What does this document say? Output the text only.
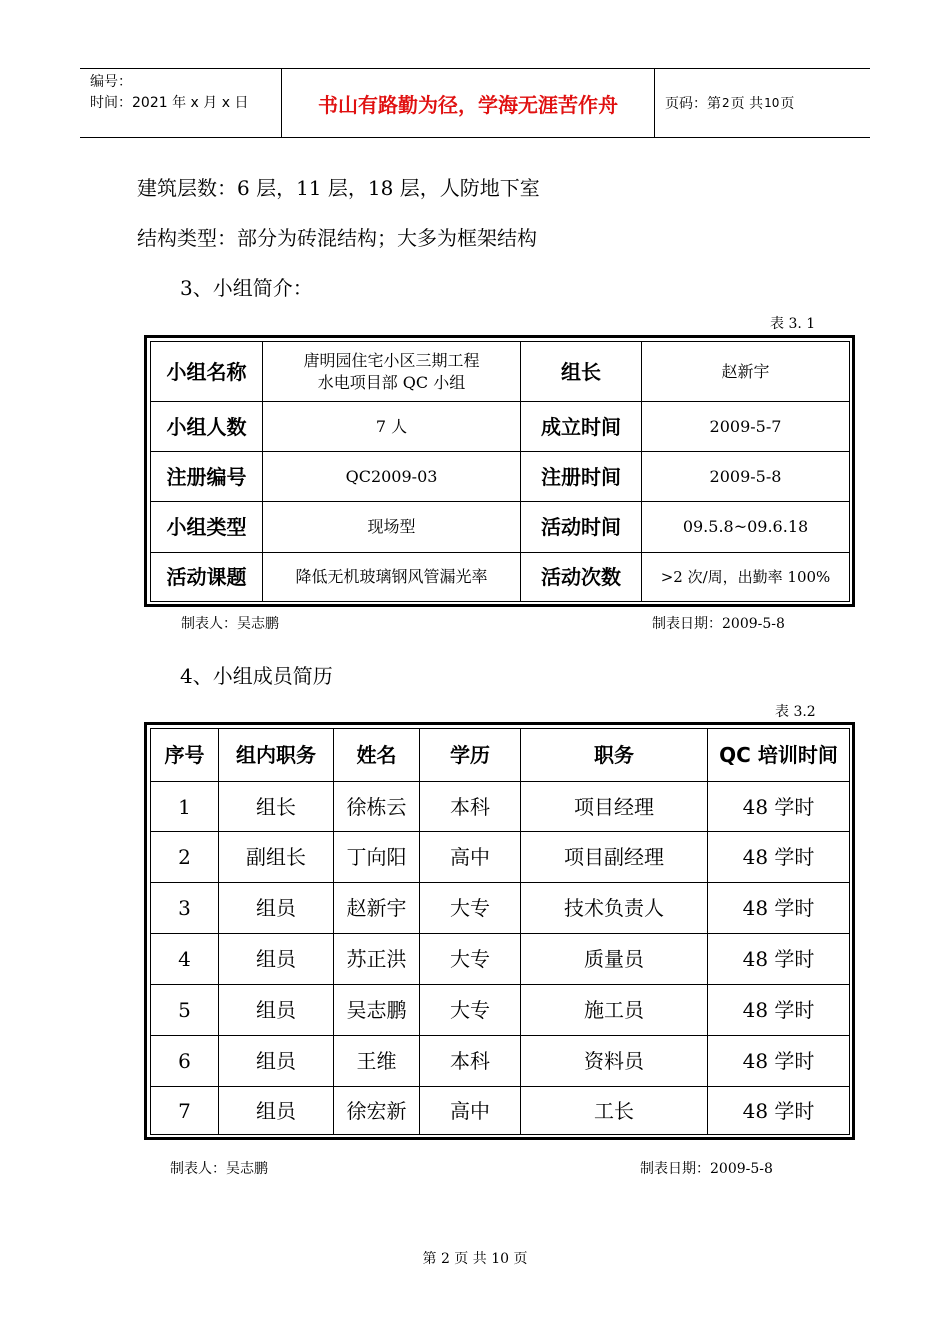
编号：
时间：2021 年 x 月 x 日	书山有路勤为径，学海无涯苦作舟	页码：第 2 页 共 10 页
建筑层数：6 层，11 层，18 层，人防地下室
结构类型：部分为砖混结构；大多为框架结构
3、小组简介：
表 3. 1
小组名称	唐明园住宅小区三期工程
水电项目部 QC 小组	组长	赵新宇
小组人数	7 人	成立时间	2009-5-7
注册编号	QC2009-03	注册时间	2009-5-8
小组类型	现场型	活动时间	09.5.8~09.6.18
活动课题	降低无机玻璃钢风管漏光率	活动次数	>2 次/周，出勤率 100%
制表人：吴志鹏	制表日期：2009-5-8
4、小组成员简历
表 3.2
序号	组内职务	姓名	学历	职务	QC 培训时间
1	组长	徐栋云	本科	项目经理	48 学时
2	副组长	丁向阳	高中	项目副经理	48 学时
3	组员	赵新宇	大专	技术负责人	48 学时
4	组员	苏正洪	大专	质量员	48 学时
5	组员	吴志鹏	大专	施工员	48 学时
6	组员	王维	本科	资料员	48 学时
7	组员	徐宏新	高中	工长	48 学时
制表人：吴志鹏	制表日期：2009-5-8
第 2 页 共 10 页
